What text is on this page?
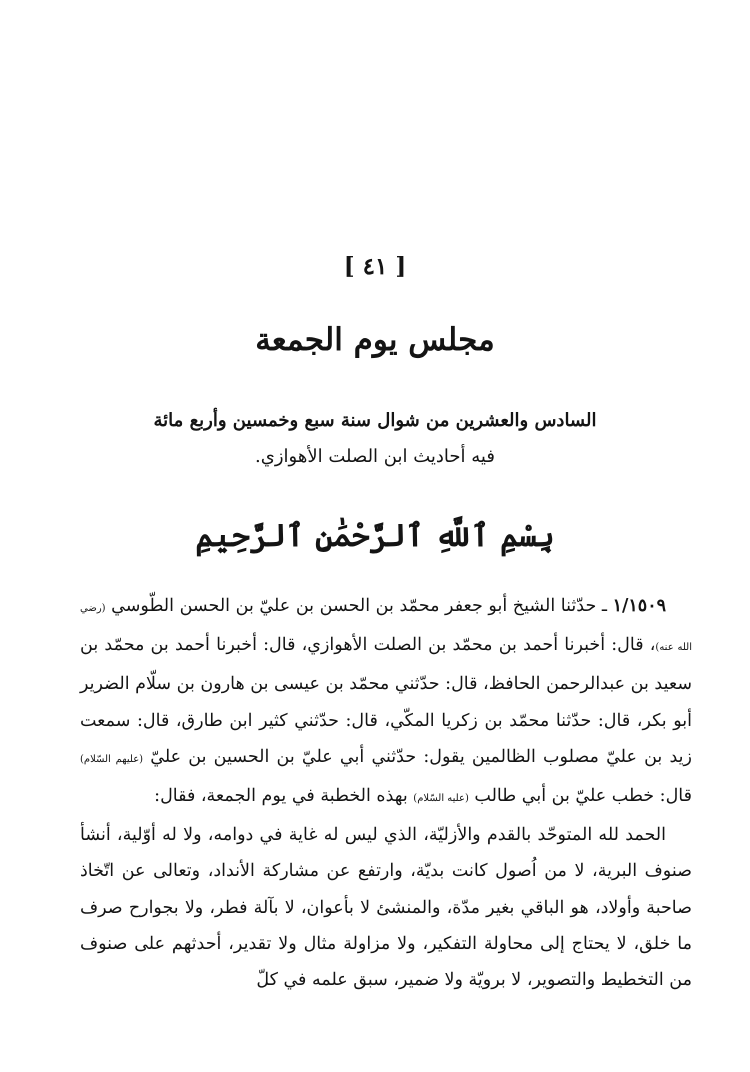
[ ٤١ ]
مجلس يوم الجمعة
السادس والعشرين من شوال سنة سبع وخمسين وأربع مائة
فيه أحاديث ابن الصلت الأهوازي.
بِسْمِ ٱللَّهِ ٱلرَّحْمَٰنِ ٱلرَّحِيمِ

١/١٥٠٩ ـ حدّثنا الشيخ أبو جعفر محمّد بن الحسن بن عليّ بن الحسن الطّوسي (رضي الله عنه)، قال: أخبرنا أحمد بن محمّد بن الصلت الأهوازي، قال: أخبرنا أحمد بن محمّد بن سعيد بن عبدالرحمن الحافظ، قال: حدّثني محمّد بن عيسى بن هارون بن سلّام الضرير أبو بكر، قال: حدّثنا محمّد بن زكريا المكّي، قال: حدّثني كثير ابن طارق، قال: سمعت زيد بن عليّ مصلوب الظالمين يقول: حدّثني أبي عليّ بن الحسين بن عليّ (عليهم السّلام) قال: خطب عليّ بن أبي طالب (عليه السّلام) بهذه الخطبة في يوم الجمعة، فقال:

الحمد لله المتوحّد بالقدم والأزليّة، الذي ليس له غاية في دوامه، ولا له أوّلية، أنشأ صنوف البرية، لا من اُصول كانت بديّة، وارتفع عن مشاركة الأنداد، وتعالى عن اتّخاذ صاحبة وأولاد، هو الباقي بغير مدّة، والمنشئ لا بأعوان، لا بآلة فطر، ولا بجوارح صرف ما خلق، لا يحتاج إلى محاولة التفكير، ولا مزاولة مثال ولا تقدير، أحدثهم على صنوف من التخطيط والتصوير، لا برويّة ولا ضمير، سبق علمه في كلّ
